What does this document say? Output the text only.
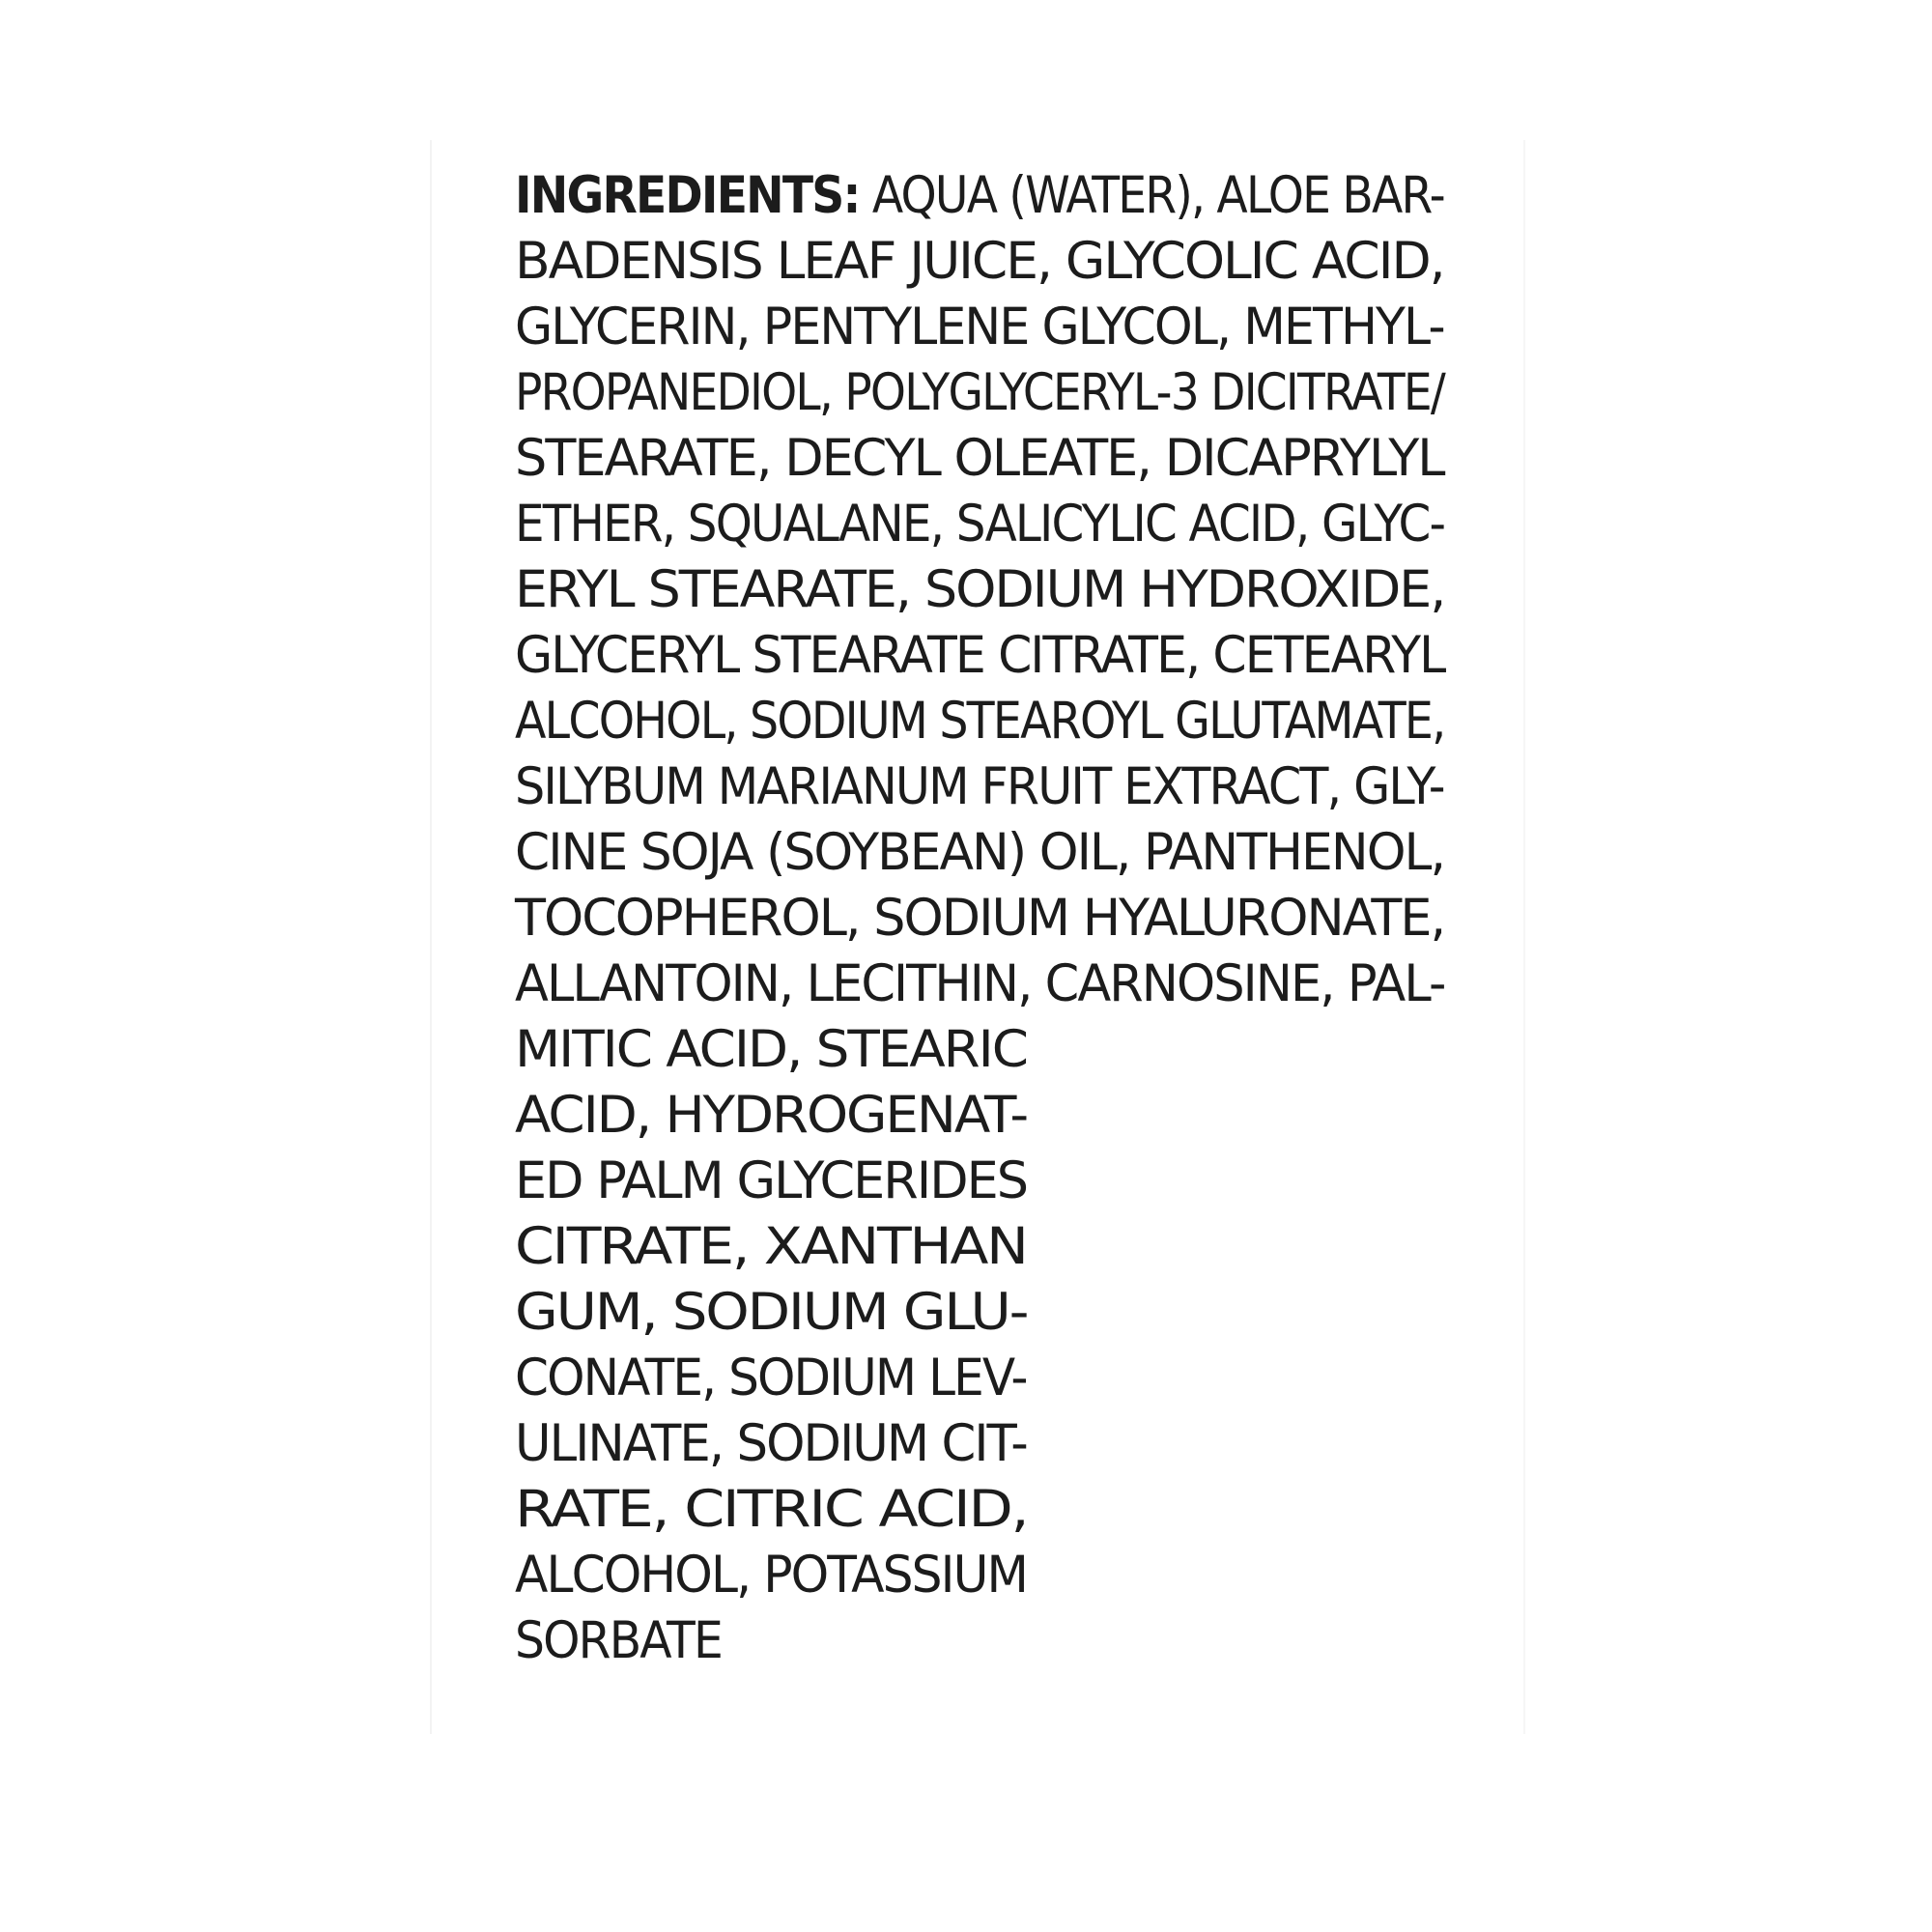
INGREDIENTS: AQUA (WATER), ALOE BAR-
BADENSIS LEAF JUICE, GLYCOLIC ACID,
GLYCERIN, PENTYLENE GLYCOL, METHYL-
PROPANEDIOL, POLYGLYCERYL-3 DICITRATE/
STEARATE, DECYL OLEATE, DICAPRYLYL
ETHER, SQUALANE, SALICYLIC ACID, GLYC-
ERYL STEARATE, SODIUM HYDROXIDE,
GLYCERYL STEARATE CITRATE, CETEARYL
ALCOHOL, SODIUM STEAROYL GLUTAMATE,
SILYBUM MARIANUM FRUIT EXTRACT, GLY-
CINE SOJA (SOYBEAN) OIL, PANTHENOL,
TOCOPHEROL, SODIUM HYALURONATE,
ALLANTOIN, LECITHIN, CARNOSINE, PAL-
MITIC ACID, STEARIC
ACID, HYDROGENAT-
ED PALM GLYCERIDES
CITRATE, XANTHAN
GUM, SODIUM GLU-
CONATE, SODIUM LEV-
ULINATE, SODIUM CIT-
RATE, CITRIC ACID,
ALCOHOL, POTASSIUM
SORBATE
